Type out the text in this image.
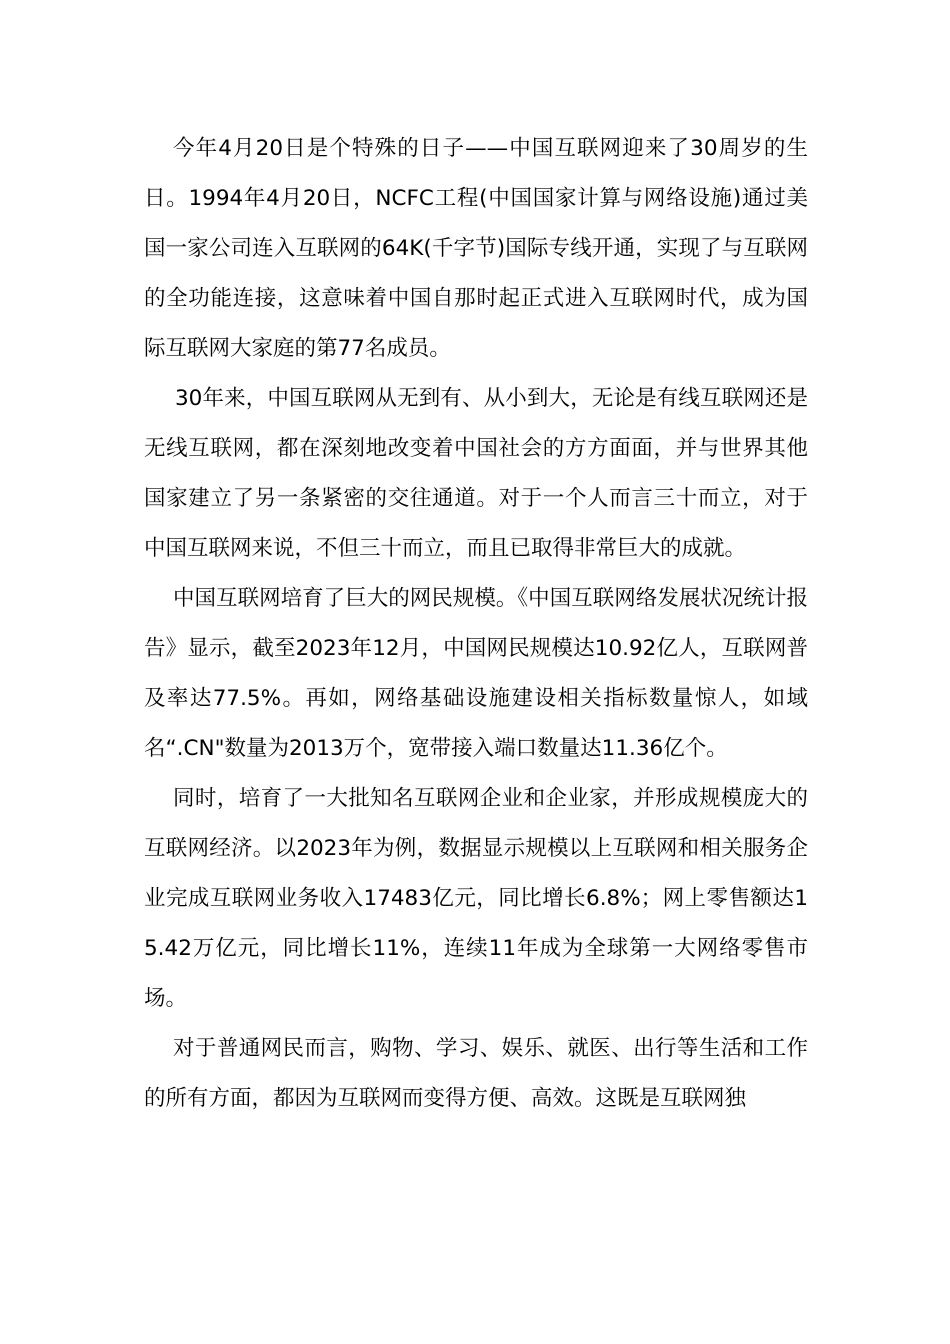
今年4月20日是个特殊的日子——中国互联网迎来了30周岁的生日。1994年4月20日，NCFC工程(中国国家计算与网络设施)通过美国一家公司连入互联网的64K(千字节)国际专线开通，实现了与互联网的全功能连接，这意味着中国自那时起正式进入互联网时代，成为国际互联网大家庭的第77名成员。

30年来，中国互联网从无到有、从小到大，无论是有线互联网还是无线互联网，都在深刻地改变着中国社会的方方面面，并与世界其他国家建立了另一条紧密的交往通道。对于一个人而言三十而立，对于中国互联网来说，不但三十而立，而且已取得非常巨大的成就。

中国互联网培育了巨大的网民规模。《中国互联网络发展状况统计报告》显示，截至2023年12月，中国网民规模达10.92亿人，互联网普及率达77.5%。再如，网络基础设施建设相关指标数量惊人，如域名“.CN"数量为2013万个，宽带接入端口数量达11.36亿个。

同时，培育了一大批知名互联网企业和企业家，并形成规模庞大的互联网经济。以2023年为例，数据显示规模以上互联网和相关服务企业完成互联网业务收入17483亿元，同比增长6.8%；网上零售额达15.42万亿元，同比增长11%，连续11年成为全球第一大网络零售市场。

对于普通网民而言，购物、学习、娱乐、就医、出行等生活和工作的所有方面，都因为互联网而变得方便、高效。这既是互联网独
